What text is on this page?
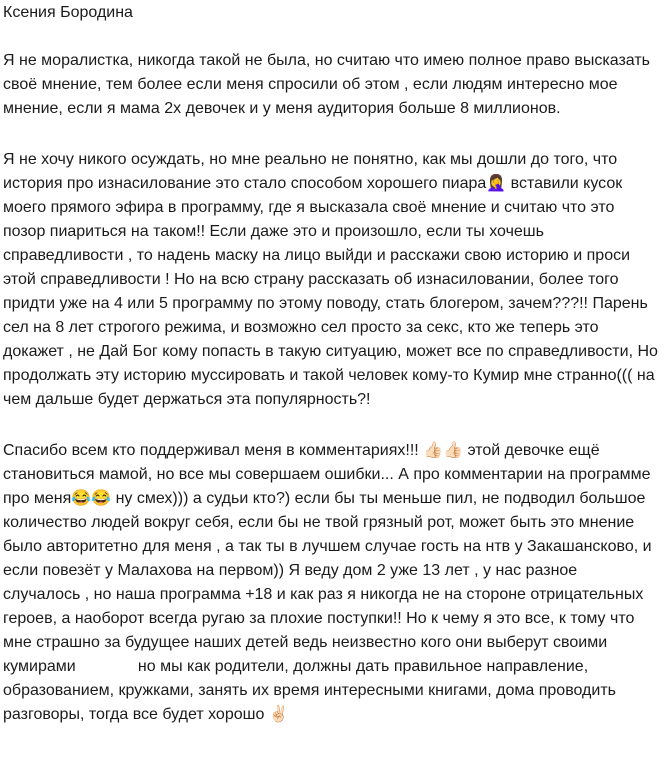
Ксения Бородина

Я не моралистка, никогда такой не была, но считаю что имею полное право высказать своё мнение, тем более если меня спросили об этом , если людям интересно мое мнение, если я мама 2х девочек и у меня аудитория больше 8 миллионов.

Я не хочу никого осуждать, но мне реально не понятно, как мы дошли до того, что история про изнасилование это стало способом хорошего пиара🤦‍♀️ вставили кусок моего прямого эфира в программу, где я высказала своё мнение и считаю что это позор пиариться на таком!! Если даже это и произошло, если ты хочешь справедливости , то надень маску на лицо выйди и расскажи свою историю и проси этой справедливости ! Но на всю страну рассказать об изнасиловании, более того придти уже на 4 или 5 программу по этому поводу, стать блогером, зачем???!! Парень сел на 8 лет строгого режима, и возможно сел просто за секс, кто же теперь это докажет , не Дай Бог кому попасть в такую ситуацию, может все по справедливости, Но продолжать эту историю муссировать и такой человек кому-то Кумир мне странно((( на чем дальше будет держаться эта популярность?!

Спасибо всем кто поддерживал меня в комментариях!!! 👍🏻👍🏻 этой девочке ещё становиться мамой, но все мы совершаем ошибки... А про комментарии на программе про меня😂😂 ну смех))) а судьи кто?) если бы ты меньше пил, не подводил большое количество людей вокруг себя, если бы не твой грязный рот, может быть это мнение было авторитетно для меня , а так ты в лучшем случае гость на нтв у Закашансково, и если повезёт у Малахова на первом)) Я веду дом 2 уже 13 лет , у нас разное случалось , но наша программа +18 и как раз я никогда не на стороне отрицательных героев, а наоборот всегда ругаю за плохие поступки!! Но к чему я это все, к тому что мне страшно за будущее наших детей ведь неизвестно кого они выберут своими кумирами              но мы как родители, должны дать правильное направление, образованием, кружками, занять их время интересными книгами, дома проводить разговоры, тогда все будет хорошо ✌🏻
